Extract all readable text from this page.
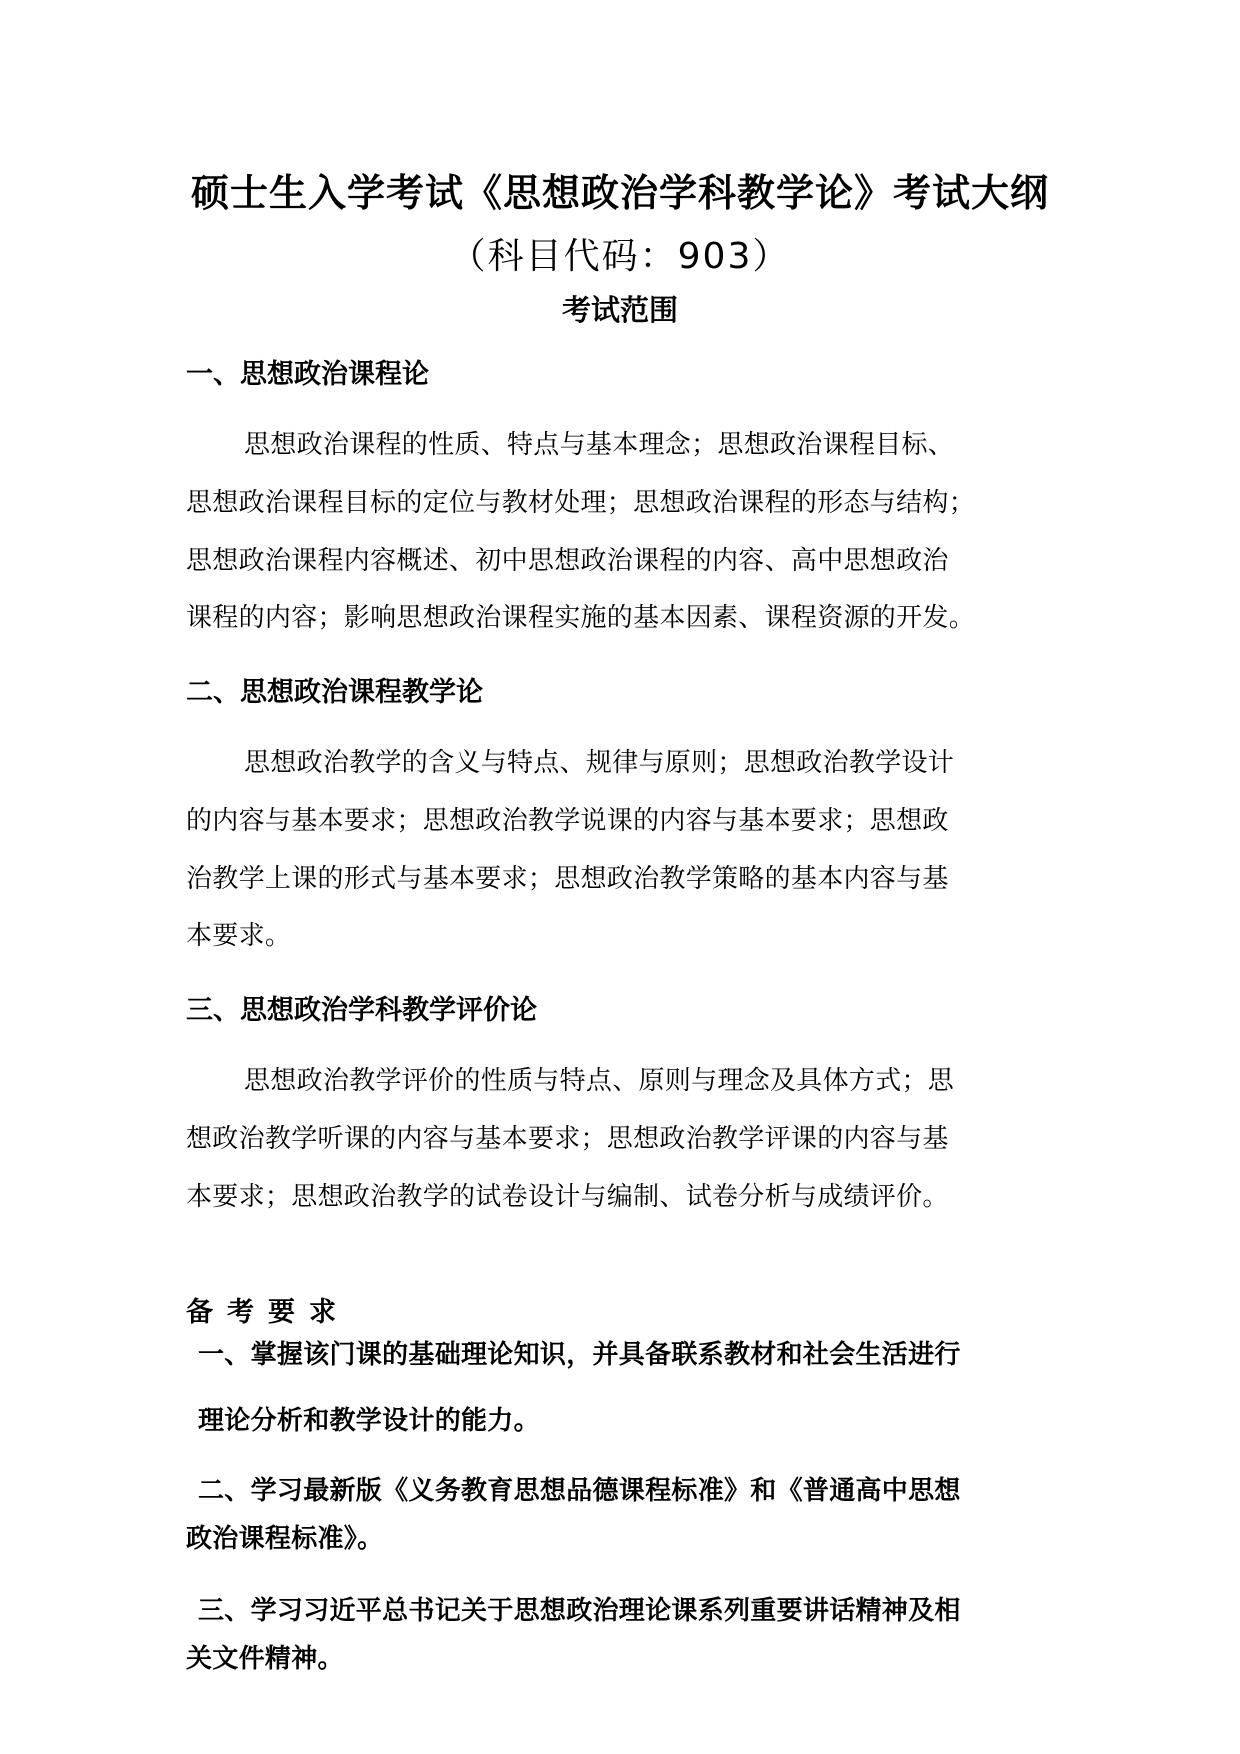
硕士生入学考试《思想政治学科教学论》考试大纲
（科目代码：903）
考试范围
一、思想政治课程论
思想政治课程的性质、特点与基本理念；思想政治课程目标、
思想政治课程目标的定位与教材处理；思想政治课程的形态与结构；
思想政治课程内容概述、初中思想政治课程的内容、高中思想政治
课程的内容；影响思想政治课程实施的基本因素、课程资源的开发。
二、思想政治课程教学论
思想政治教学的含义与特点、规律与原则；思想政治教学设计
的内容与基本要求；思想政治教学说课的内容与基本要求；思想政
治教学上课的形式与基本要求；思想政治教学策略的基本内容与基
本要求。
三、思想政治学科教学评价论
思想政治教学评价的性质与特点、原则与理念及具体方式；思
想政治教学听课的内容与基本要求；思想政治教学评课的内容与基
本要求；思想政治教学的试卷设计与编制、试卷分析与成绩评价。
备考要求
一、掌握该门课的基础理论知识，并具备联系教材和社会生活进行
理论分析和教学设计的能力。
二、学习最新版《义务教育思想品德课程标准》和《普通高中思想
政治课程标准》。
三、学习习近平总书记关于思想政治理论课系列重要讲话精神及相
关文件精神。
